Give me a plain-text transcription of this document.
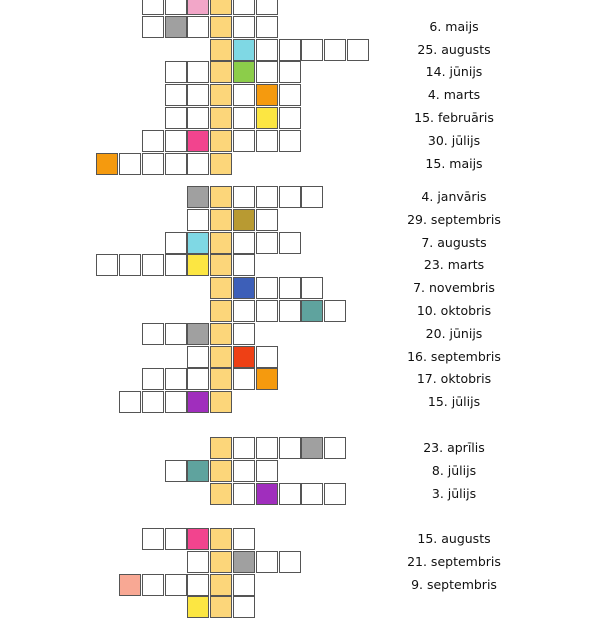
6. maijs
25. augusts
14. jūnijs
4. marts
15. februāris
30. jūlijs
15. maijs
4. janvāris
29. septembris
7. augusts
23. marts
7. novembris
10. oktobris
20. jūnijs
16. septembris
17. oktobris
15. jūlijs
23. aprīlis
8. jūlijs
3. jūlijs
15. augusts
21. septembris
9. septembris
